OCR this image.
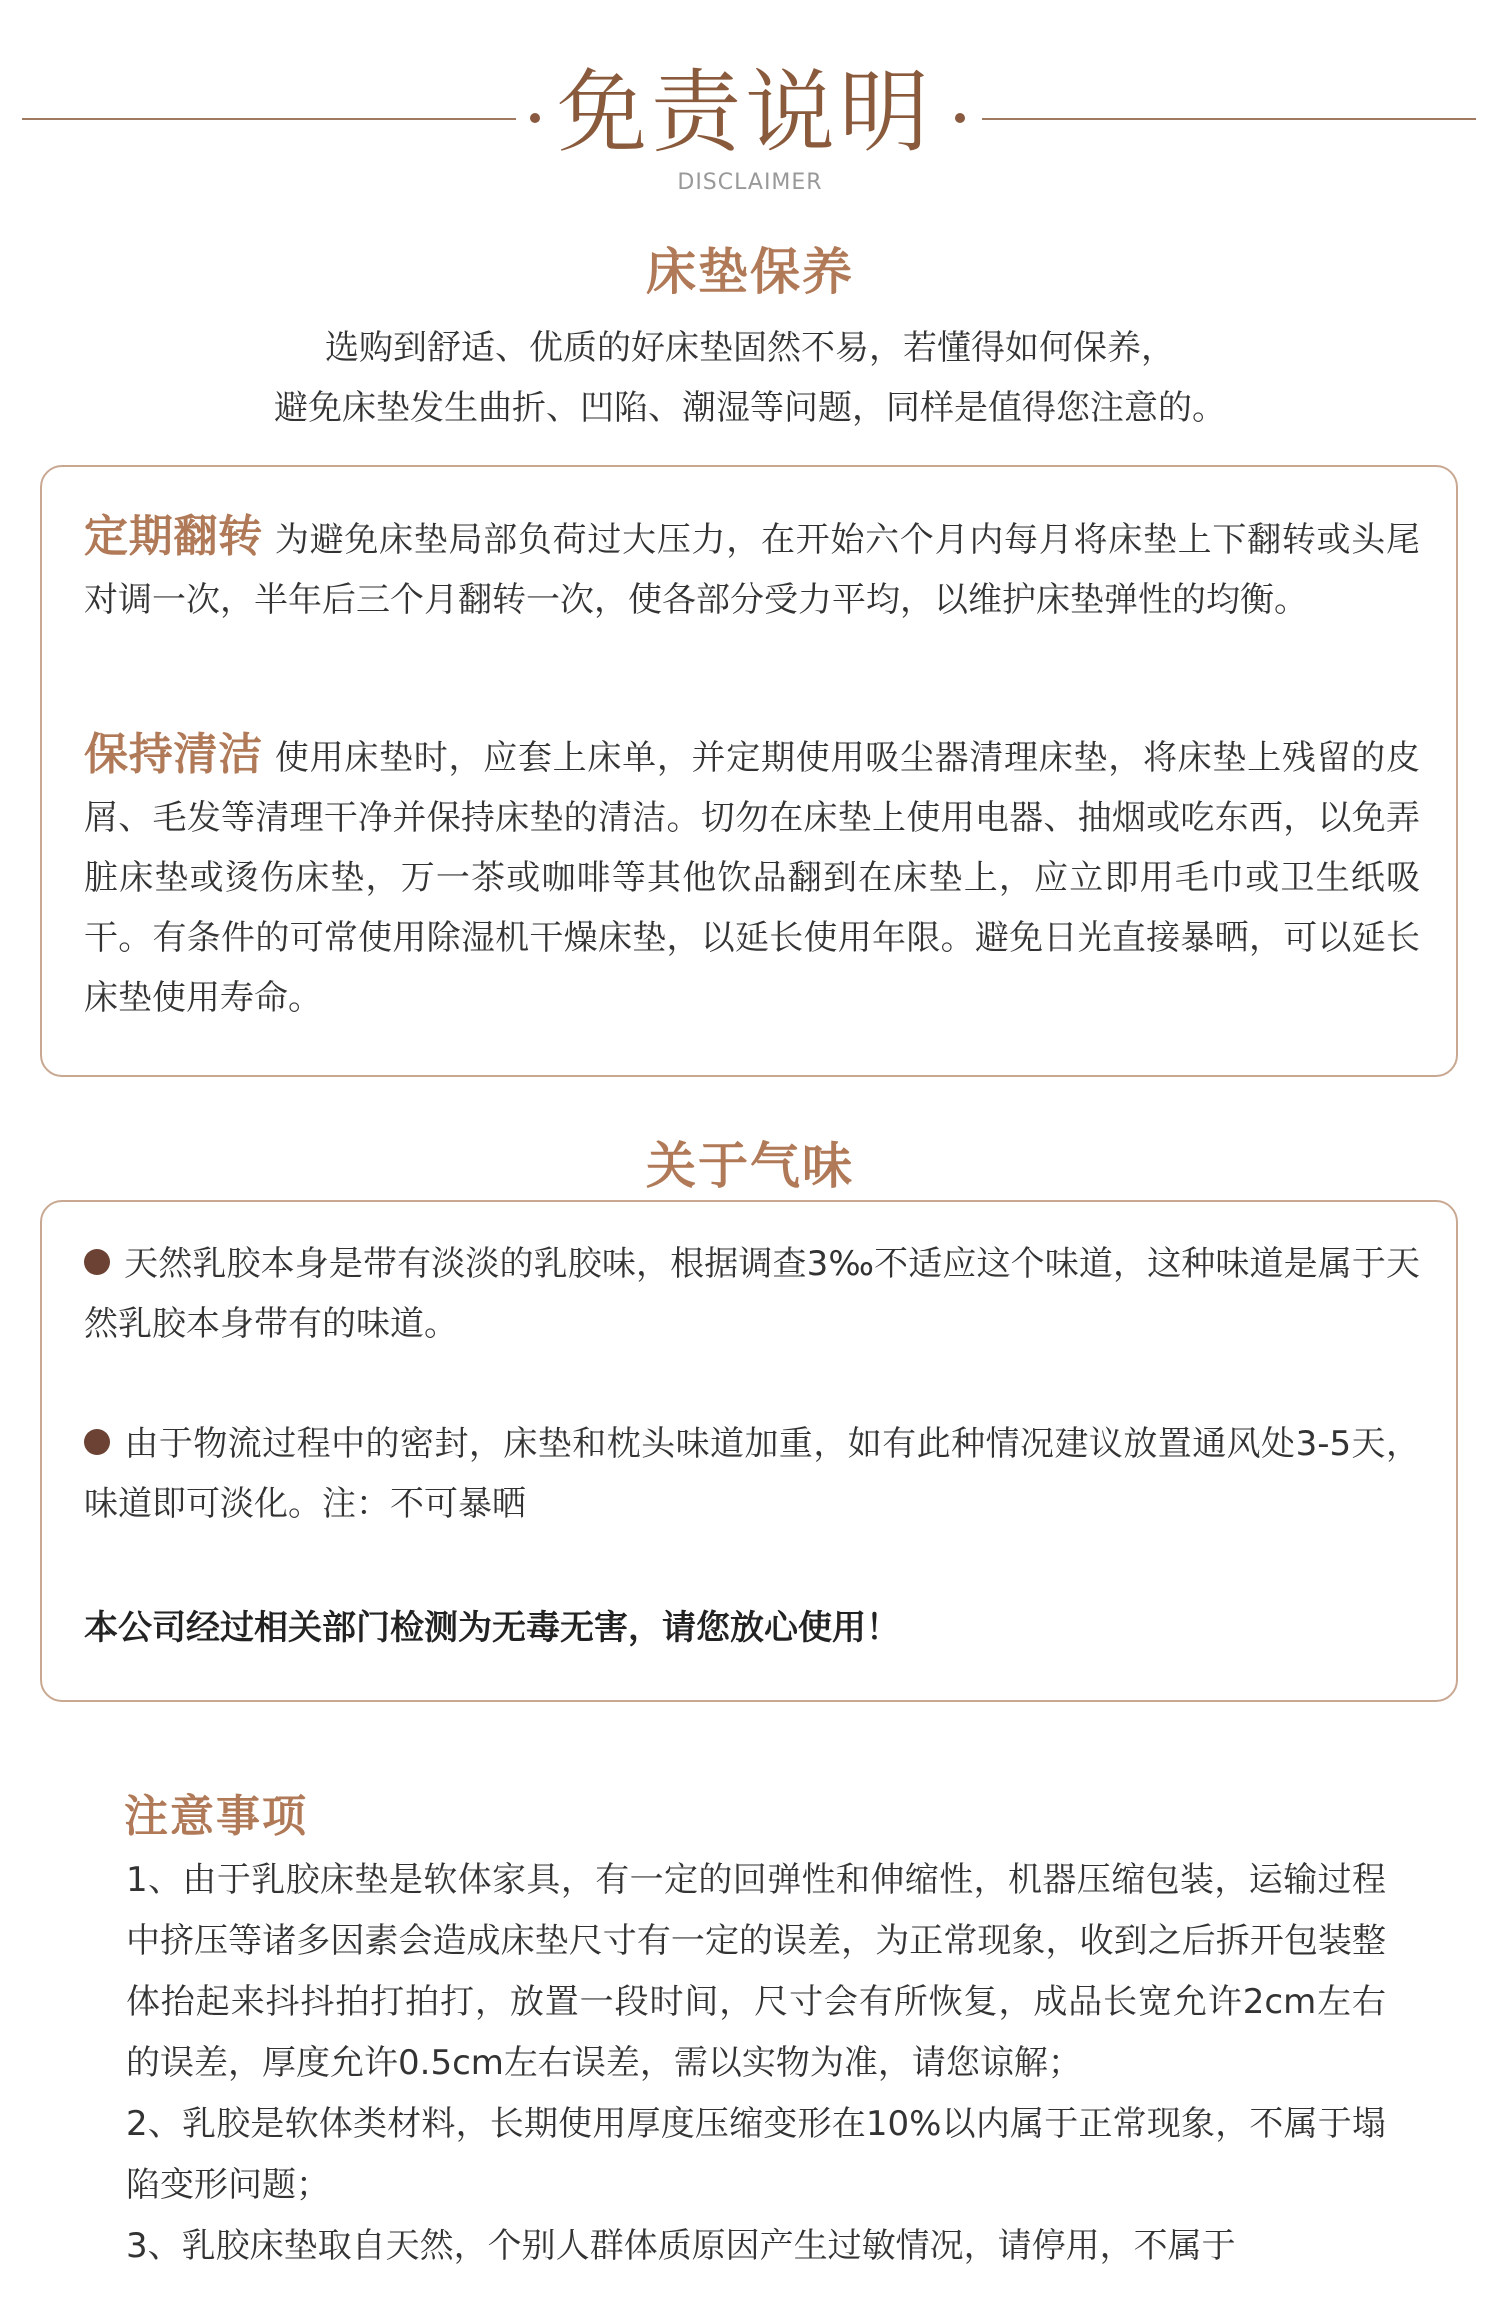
免责说明
DISCLAIMER
床垫保养
选购到舒适、优质的好床垫固然不易，若懂得如何保养，
避免床垫发生曲折、凹陷、潮湿等问题，同样是值得您注意的。
定期翻转 为避免床垫局部负荷过大压力，在开始六个月内每月将床垫上下翻转或头尾对调一次，半年后三个月翻转一次，使各部分受力平均，以维护床垫弹性的均衡。
保持清洁 使用床垫时，应套上床单，并定期使用吸尘器清理床垫，将床垫上残留的皮屑、毛发等清理干净并保持床垫的清洁。切勿在床垫上使用电器、抽烟或吃东西，以免弄脏床垫或烫伤床垫，万一茶或咖啡等其他饮品翻到在床垫上，应立即用毛巾或卫生纸吸干。有条件的可常使用除湿机干燥床垫，以延长使用年限。避免日光直接暴晒，可以延长床垫使用寿命。
关于气味
天然乳胶本身是带有淡淡的乳胶味，根据调查3‰不适应这个味道，这种味道是属于天然乳胶本身带有的味道。
由于物流过程中的密封，床垫和枕头味道加重，如有此种情况建议放置通风处3-5天，味道即可淡化。注：不可暴晒
本公司经过相关部门检测为无毒无害，请您放心使用！
注意事项

1、由于乳胶床垫是软体家具，有一定的回弹性和伸缩性，机器压缩包装，运输过程中挤压等诸多因素会造成床垫尺寸有一定的误差，为正常现象，收到之后拆开包装整体抬起来抖抖拍打拍打，放置一段时间，尺寸会有所恢复，成品长宽允许2cm左右的误差，厚度允许0.5cm左右误差，需以实物为准，请您谅解；

2、乳胶是软体类材料，长期使用厚度压缩变形在10%以内属于正常现象，不属于塌陷变形问题；

3、乳胶床垫取自天然，个别人群体质原因产生过敏情况，请停用，不属于
